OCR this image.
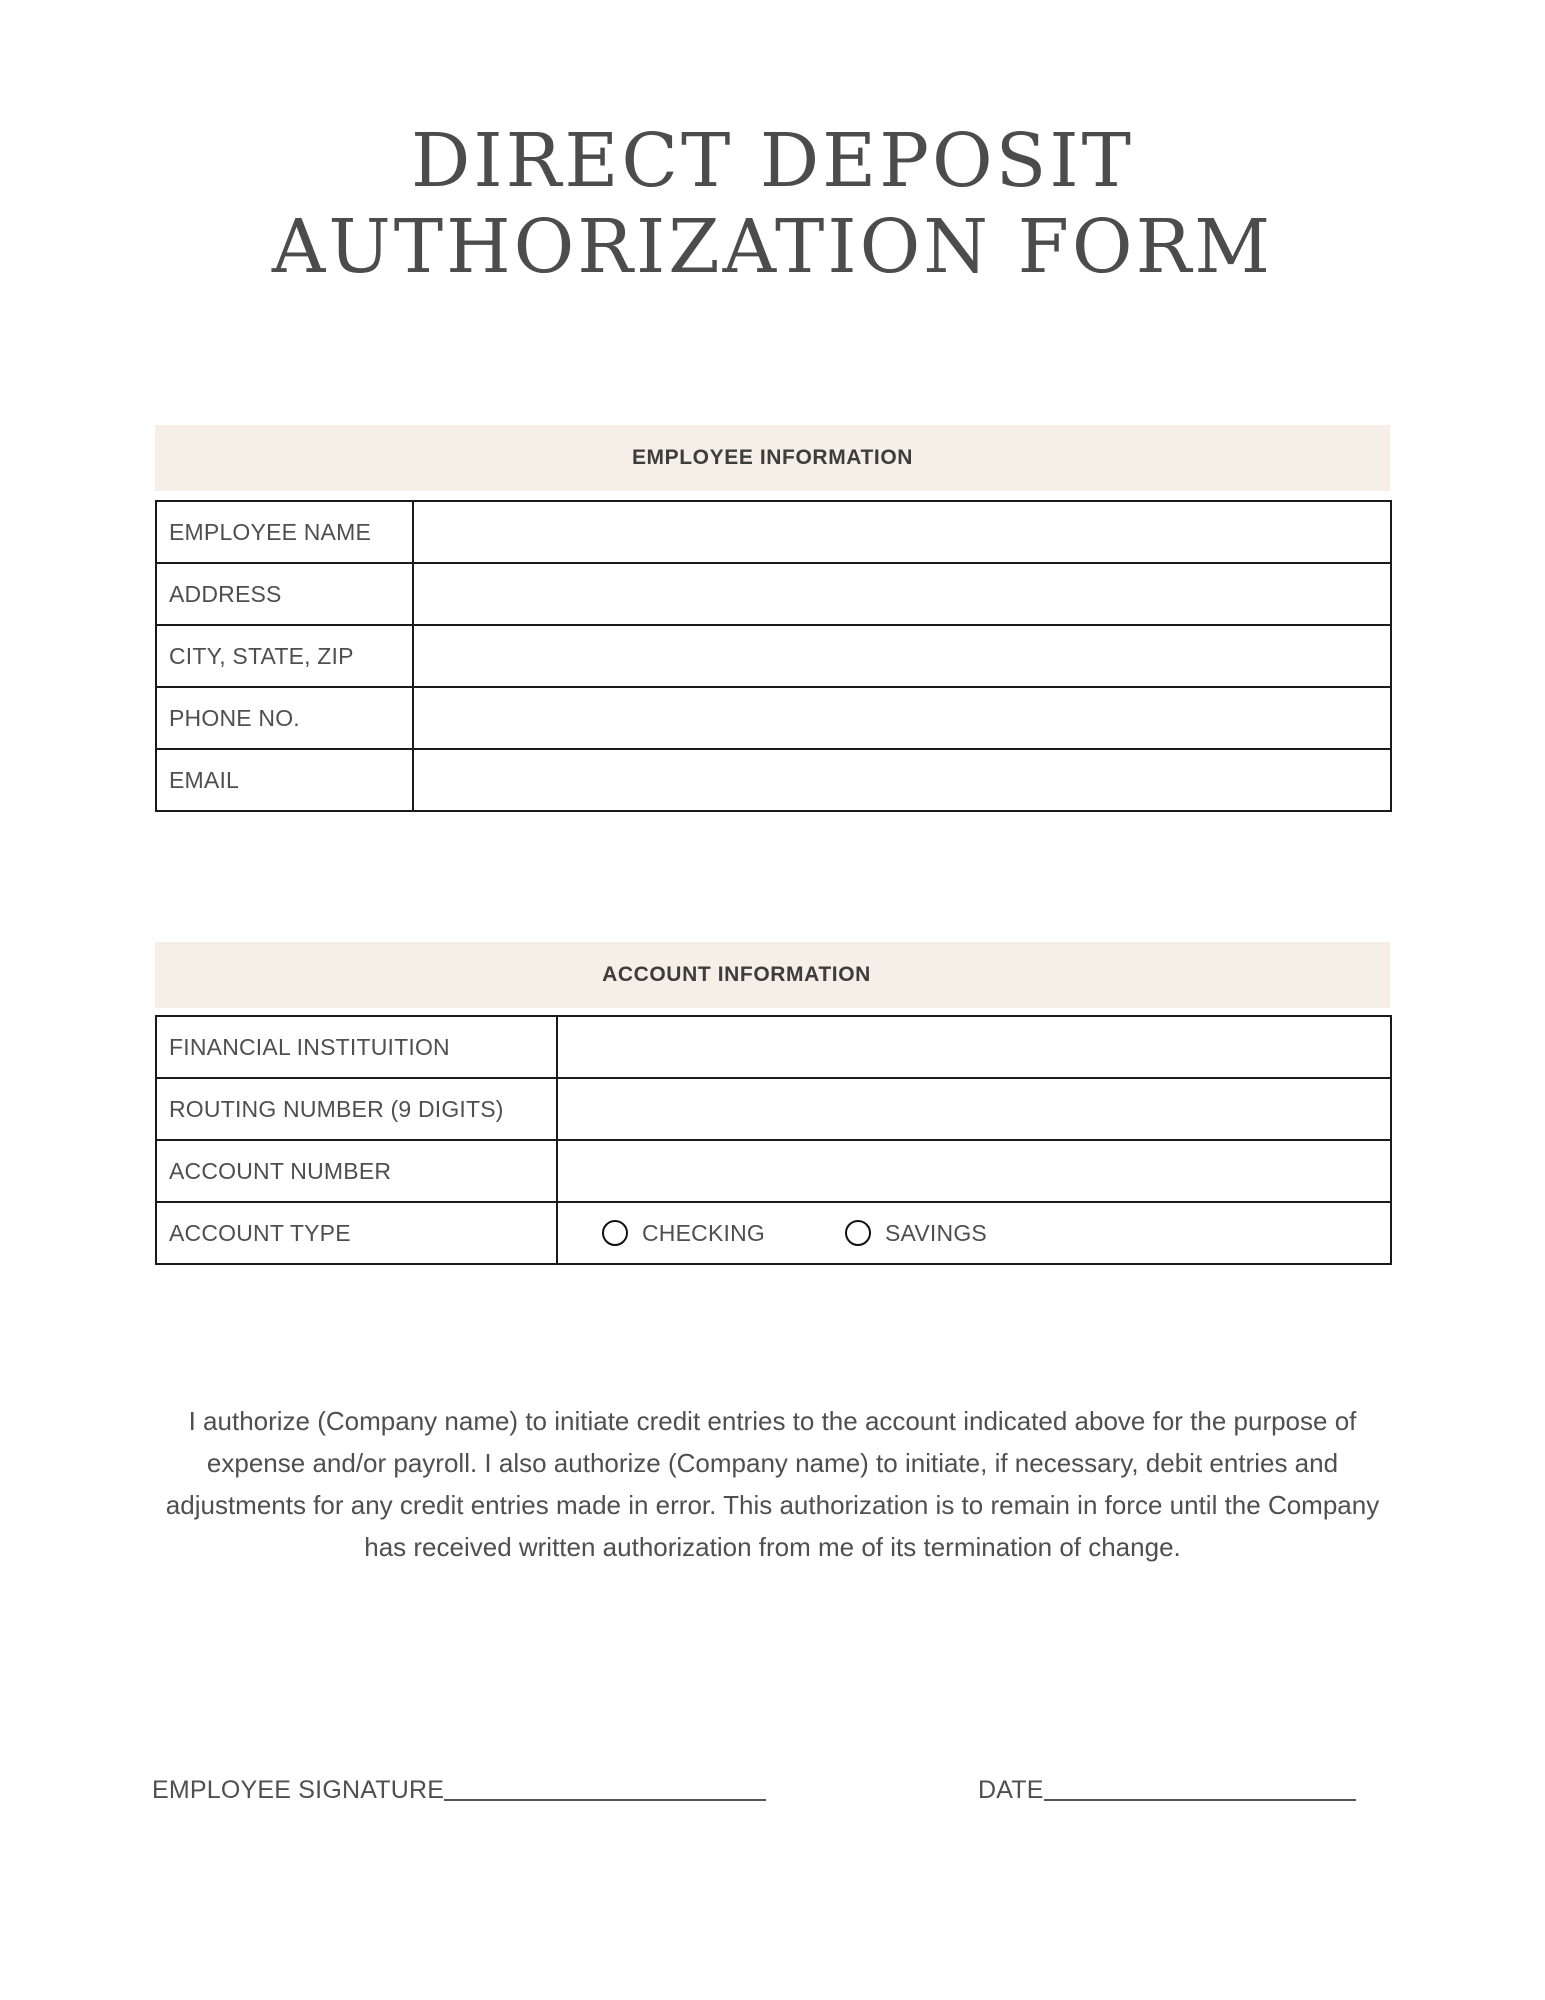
DIRECT DEPOSIT
AUTHORIZATION FORM
EMPLOYEE INFORMATION
EMPLOYEE NAME	
ADDRESS	
CITY, STATE, ZIP	
PHONE NO.	
EMAIL	
ACCOUNT INFORMATION
FINANCIAL INSTITUITION	
ROUTING NUMBER (9 DIGITS)	
ACCOUNT NUMBER	
ACCOUNT TYPE	CHECKING SAVINGS
I authorize (Company name) to initiate credit entries to the account indicated above for the purpose of expense and/or payroll. I also authorize (Company name) to initiate, if necessary, debit entries and adjustments for any credit entries made in error. This authorization is to remain in force until the Company has received written authorization from me of its termination of change.
EMPLOYEE SIGNATURE	DATE
